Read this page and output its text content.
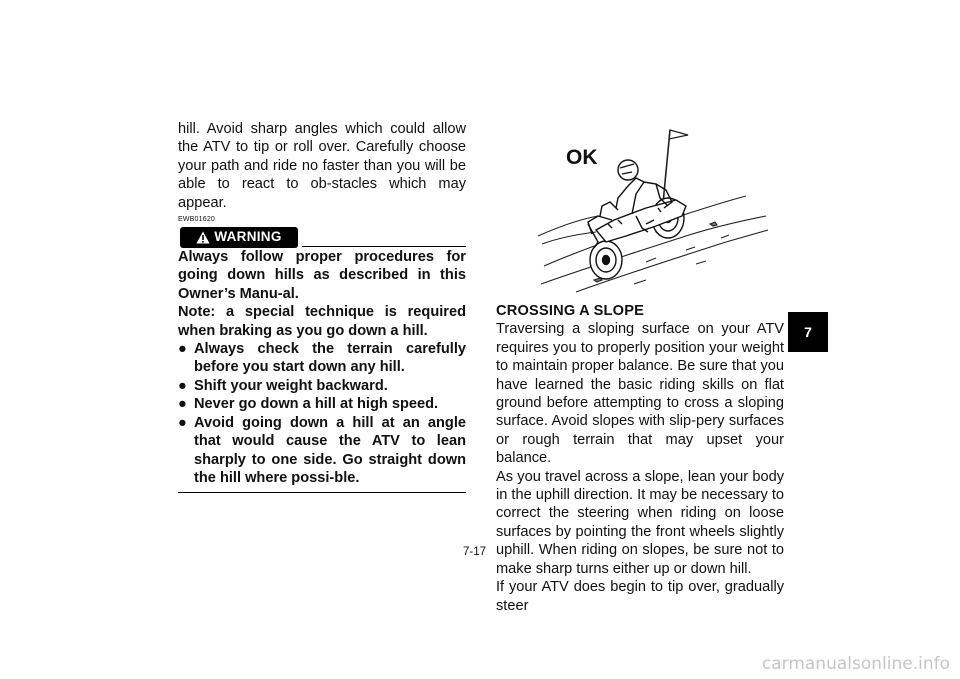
hill. Avoid sharp angles which could allow the ATV to tip or roll over. Carefully choose your path and ride no faster than you will be able to react to ob-stacles which may appear.

EWB01620
WARNING

Always follow proper procedures for going down hills as described in this Owner’s Manu-al.

Note: a special technique is required when braking as you go down a hill.

● Always check the terrain carefully before you start down any hill.
● Shift your weight backward.
● Never go down a hill at high speed.
● Avoid going down a hill at an angle that would cause the ATV to lean sharply to one side. Go straight down the hill where possi-ble.
OK

CROSSING A SLOPE

Traversing a sloping surface on your ATV requires you to properly position your weight to maintain proper balance. Be sure that you have learned the basic riding skills on flat ground before attempting to cross a sloping surface. Avoid slopes with slip-pery surfaces or rough terrain that may upset your balance.

As you travel across a slope, lean your body in the uphill direction. It may be necessary to correct the steering when riding on loose surfaces by pointing the front wheels slightly uphill. When riding on slopes, be sure not to make sharp turns either up or down hill.

If your ATV does begin to tip over, gradually steer

7-17
7
carmanualsonline.info
